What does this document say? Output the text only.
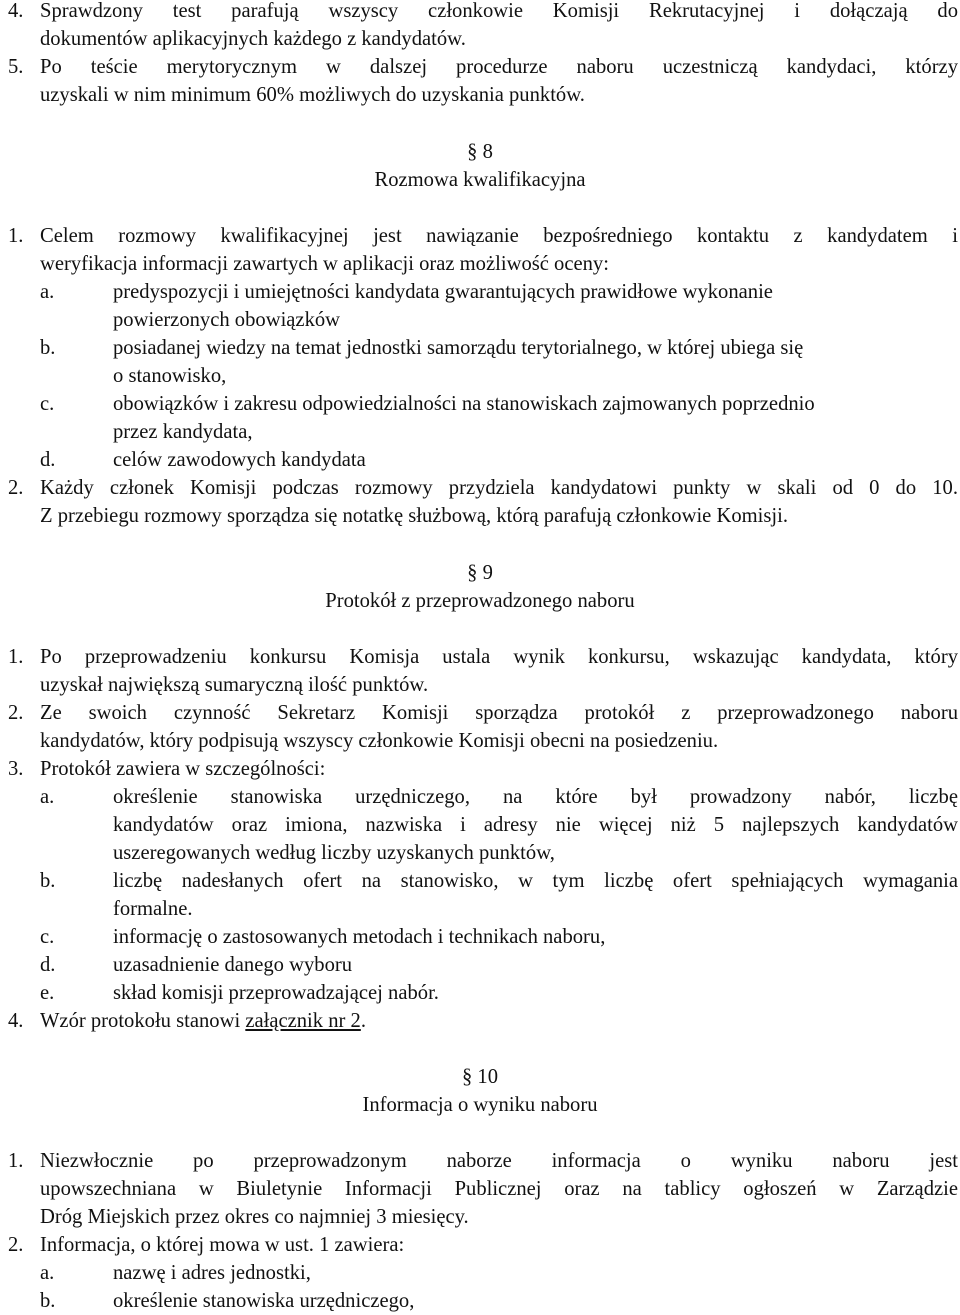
4. Sprawdzony test parafują wszyscy członkowie Komisji Rekrutacyjnej i dołączają do
dokumentów aplikacyjnych każdego z kandydatów.
5. Po teście merytorycznym w dalszej procedurze naboru uczestniczą kandydaci, którzy
uzyskali w nim minimum 60% możliwych do uzyskania punktów.
§ 8
Rozmowa kwalifikacyjna
1. Celem rozmowy kwalifikacyjnej jest nawiązanie bezpośredniego kontaktu z kandydatem i
weryfikacja informacji zawartych w aplikacji oraz możliwość oceny:
a.	predyspozycji i umiejętności kandydata gwarantujących prawidłowe wykonanie
powierzonych obowiązków
b.	posiadanej wiedzy na temat jednostki samorządu terytorialnego, w której ubiega się
o stanowisko,
c.	obowiązków i zakresu odpowiedzialności na stanowiskach zajmowanych poprzednio
przez kandydata,
d.	celów zawodowych kandydata
2. Każdy członek Komisji podczas rozmowy przydziela kandydatowi punkty w skali od 0 do 10.
Z przebiegu rozmowy sporządza się notatkę służbową, którą parafują członkowie Komisji.
§ 9
Protokół z przeprowadzonego naboru
1. Po przeprowadzeniu konkursu Komisja ustala wynik konkursu, wskazując kandydata, który
uzyskał największą sumaryczną ilość punktów.
2. Ze swoich czynność Sekretarz Komisji sporządza protokół z przeprowadzonego naboru
kandydatów, który podpisują wszyscy członkowie Komisji obecni na posiedzeniu.
3. Protokół zawiera w szczególności:
a.	określenie stanowiska urzędniczego, na które był prowadzony nabór, liczbę
kandydatów oraz imiona, nazwiska i adresy nie więcej niż 5 najlepszych kandydatów
uszeregowanych według liczby uzyskanych punktów,
b.	liczbę nadesłanych ofert na stanowisko, w tym liczbę ofert spełniających wymagania
formalne.
c.	informację o zastosowanych metodach i technikach naboru,
d.	uzasadnienie danego wyboru
e.	skład komisji przeprowadzającej nabór.
4. Wzór protokołu stanowi załącznik nr 2.
§ 10
Informacja o wyniku naboru
1. Niezwłocznie po przeprowadzonym naborze informacja o wyniku naboru jest
upowszechniana w Biuletynie Informacji Publicznej oraz na tablicy ogłoszeń w Zarządzie
Dróg Miejskich przez okres co najmniej 3 miesięcy.
2. Informacja, o której mowa w ust. 1 zawiera:
a.	nazwę i adres jednostki,
b.	określenie stanowiska urzędniczego,
